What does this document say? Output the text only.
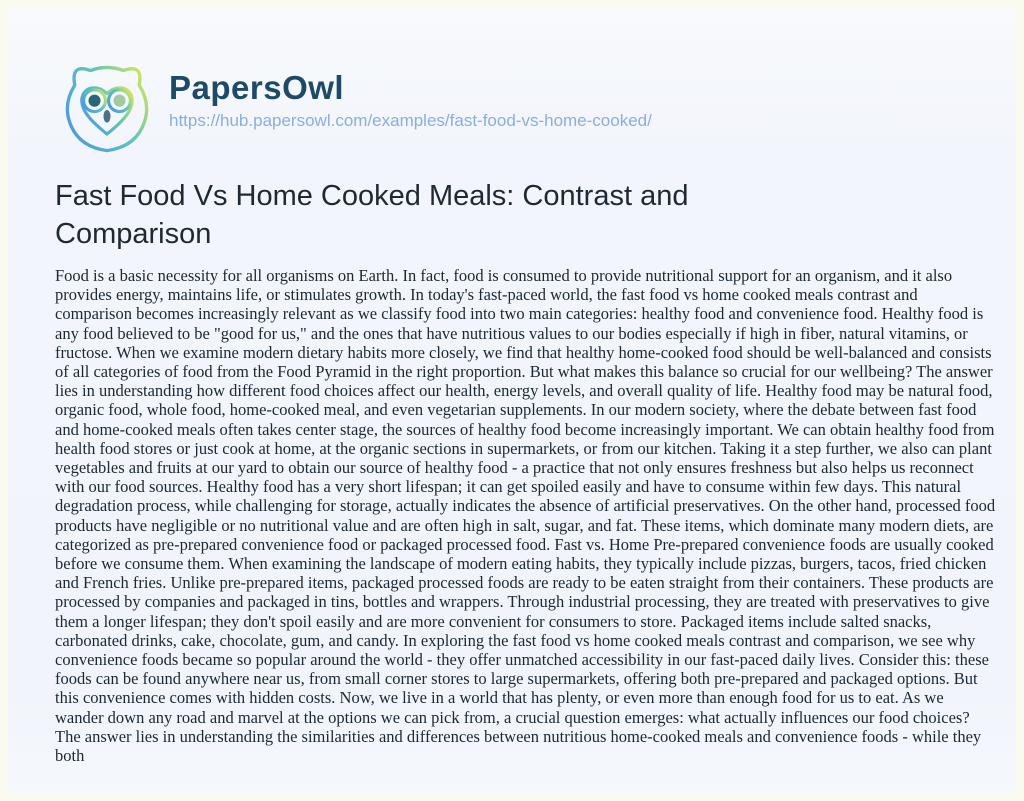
PapersOwl
https://hub.papersowl.com/examples/fast-food-vs-home-cooked/
Fast Food Vs Home Cooked Meals: Contrast and Comparison
Food is a basic necessity for all organisms on Earth. In fact, food is consumed to provide nutritional support for an organism, and it also provides energy, maintains life, or stimulates growth. In today's fast-paced world, the fast food vs home cooked meals contrast and comparison becomes increasingly relevant as we classify food into two main categories: healthy food and convenience food. Healthy food is any food believed to be "good for us," and the ones that have nutritious values to our bodies especially if high in fiber, natural vitamins, or fructose. When we examine modern dietary habits more closely, we find that healthy home-cooked food should be well-balanced and consists of all categories of food from the Food Pyramid in the right proportion. But what makes this balance so crucial for our wellbeing? The answer lies in understanding how different food choices affect our health, energy levels, and overall quality of life. Healthy food may be natural food, organic food, whole food, home-cooked meal, and even vegetarian supplements. In our modern society, where the debate between fast food and home-cooked meals often takes center stage, the sources of healthy food become increasingly important. We can obtain healthy food from health food stores or just cook at home, at the organic sections in supermarkets, or from our kitchen. Taking it a step further, we also can plant vegetables and fruits at our yard to obtain our source of healthy food - a practice that not only ensures freshness but also helps us reconnect with our food sources. Healthy food has a very short lifespan; it can get spoiled easily and have to consume within few days. This natural degradation process, while challenging for storage, actually indicates the absence of artificial preservatives. On the other hand, processed food products have negligible or no nutritional value and are often high in salt, sugar, and fat. These items, which dominate many modern diets, are categorized as pre-prepared convenience food or packaged processed food. Fast vs. Home Pre-prepared convenience foods are usually cooked before we consume them. When examining the landscape of modern eating habits, they typically include pizzas, burgers, tacos, fried chicken and French fries. Unlike pre-prepared items, packaged processed foods are ready to be eaten straight from their containers. These products are processed by companies and packaged in tins, bottles and wrappers. Through industrial processing, they are treated with preservatives to give them a longer lifespan; they don't spoil easily and are more convenient for consumers to store. Packaged items include salted snacks, carbonated drinks, cake, chocolate, gum, and candy. In exploring the fast food vs home cooked meals contrast and comparison, we see why convenience foods became so popular around the world - they offer unmatched accessibility in our fast-paced daily lives. Consider this: these foods can be found anywhere near us, from small corner stores to large supermarkets, offering both pre-prepared and packaged options. But this convenience comes with hidden costs. Now, we live in a world that has plenty, or even more than enough food for us to eat. As we wander down any road and marvel at the options we can pick from, a crucial question emerges: what actually influences our food choices? The answer lies in understanding the similarities and differences between nutritious home-cooked meals and convenience foods - while they both
